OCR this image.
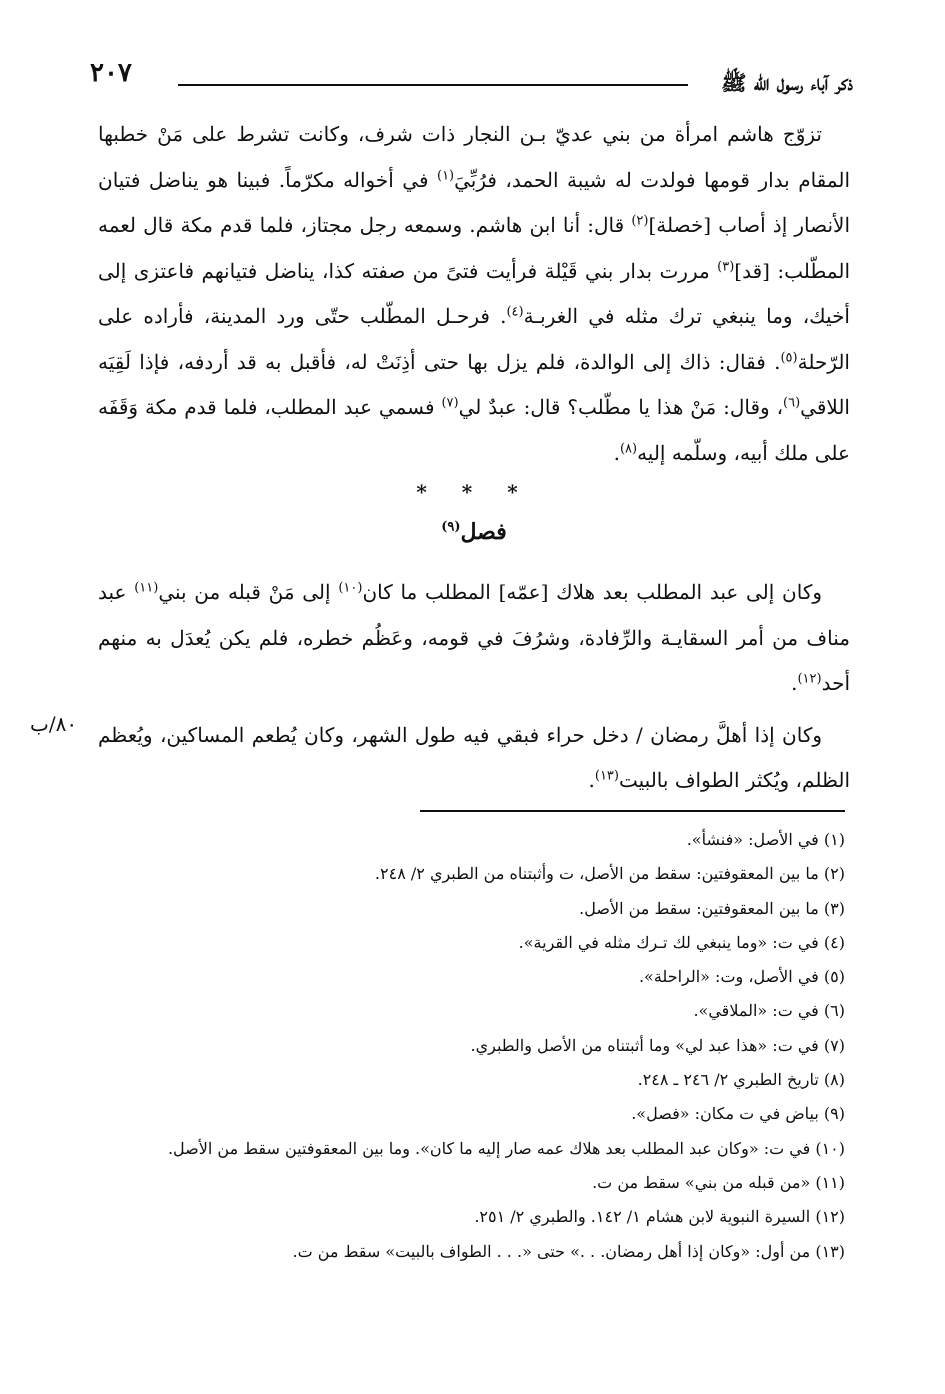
ذكر آباء رسول الله ﷺ
٢٠٧

تزوّج هاشم امرأة من بني عديّ بـن النجار ذات شرف، وكانت تشرط على مَنْ خطبها المقام بدار قومها فولدت له شيبة الحمد، فرُبِّيَ$^{(١)}$ في أخواله مكرّماً. فبينا هو يناضل فتيان الأنصار إذ أصاب [خصلة]$^{(٢)}$ قال: أنا ابن هاشم. وسمعه رجل مجتاز، فلما قدم مكة قال لعمه المطّلب: [قد]$^{(٣)}$ مررت بدار بني قَيْلة فرأيت فتىً من صفته كذا، يناضل فتيانهم فاعتزى إلى أخيك، وما ينبغي ترك مثله في الغربـة$^{(٤)}$. فرحـل المطّلب حتّى ورد المدينة، فأراده على الرّحلة$^{(٥)}$. فقال: ذاك إلى الوالدة، فلم يزل بها حتى أذِنَتْ له، فأقبل به قد أردفه، فإذا لَقِيَه اللاقي$^{(٦)}$، وقال: مَنْ هذا يا مطّلب؟ قال: عبدٌ لي$^{(٧)}$ فسمي عبد المطلب، فلما قدم مكة وَقَفَه على ملك أبيه، وسلّمه إليه$^{(٨)}$.

* * *
فصل$^{(٩)}$

وكان إلى عبد المطلب بعد هلاك [عمّه] المطلب ما كان$^{(١٠)}$ إلى مَنْ قبله من بني$^{(١١)}$ عبد مناف من أمر السقايـة والرِّفادة، وشرُفَ في قومه، وعَظُم خطره، فلم يكن يُعدَل به منهم أحد$^{(١٢)}$.

وكان إذا أهلَّ رمضان / دخل حراء فبقي فيه طول الشهر، وكان يُطعم المساكين، ويُعظم الظلم، ويُكثر الطواف بالبيت$^{(١٣)}$.

٨٠/ب

(١) في الأصل: «فنشأ».

(٢) ما بين المعقوفتين: سقط من الأصل، ت وأثبتناه من الطبري ٢/ ٢٤٨.

(٣) ما بين المعقوفتين: سقط من الأصل.

(٤) في ت: «وما ينبغي لك تـرك مثله في القرية».

(٥) في الأصل، وت: «الراحلة».

(٦) في ت: «الملاقي».

(٧) في ت: «هذا عبد لي» وما أثبتناه من الأصل والطبري.

(٨) تاريخ الطبري ٢/ ٢٤٦ ـ ٢٤٨.

(٩) بياض في ت مكان: «فصل».

(١٠) في ت: «وكان عبد المطلب بعد هلاك عمه صار إليه ما كان». وما بين المعقوفتين سقط من الأصل.

(١١) «من قبله من بني» سقط من ت.

(١٢) السيرة النبوية لابن هشام ١/ ١٤٢. والطبري ٢/ ٢٥١.

(١٣) من أول: «وكان إذا أهل رمضان. . .» حتى «. . . الطواف بالبيت» سقط من ت.
